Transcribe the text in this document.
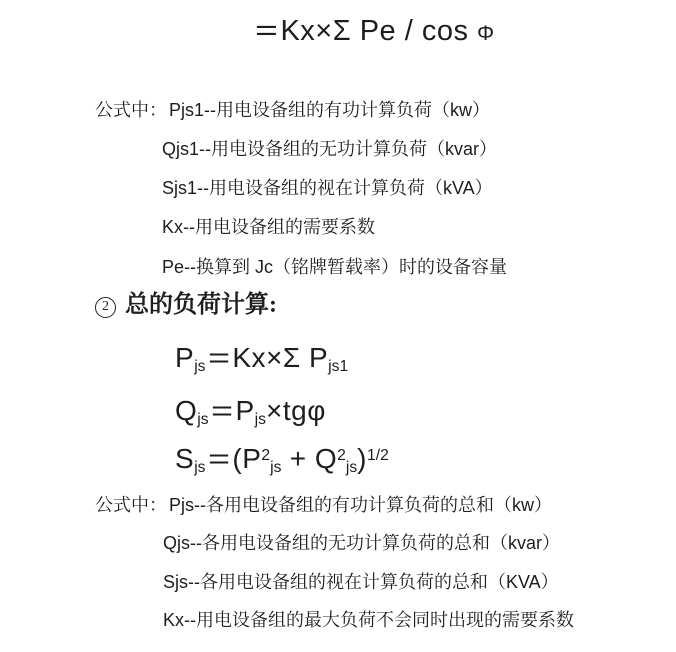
=Kx×Σ Pe / cos Φ
公式中： Pjs1--用电设备组的有功计算负荷（kw）
Qjs1--用电设备组的无功计算负荷（kvar）
Sjs1--用电设备组的视在计算负荷（kVA）
Kx--用电设备组的需要系数
Pe--换算到 Jc（铭牌暂载率）时的设备容量
2 总的负荷计算:
Pjs=Kx×Σ Pjs1
Qjs=Pjs×tgφ
$Sjs=(P^2js + Q^2js)^{1/2}$
公式中： Pjs--各用电设备组的有功计算负荷的总和（kw）
Qjs--各用电设备组的无功计算负荷的总和（kvar）
Sjs--各用电设备组的视在计算负荷的总和（KVA）
Kx--用电设备组的最大负荷不会同时出现的需要系数
